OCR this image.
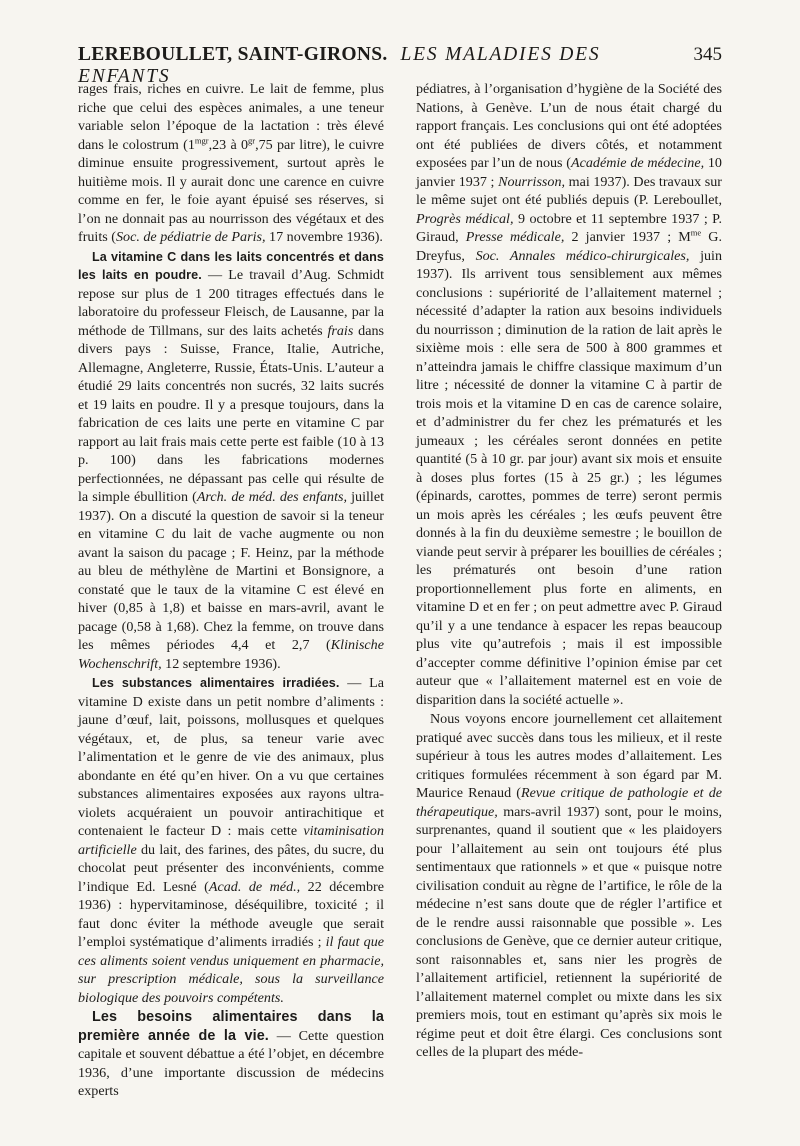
LEREBOULLET, SAINT-GIRONS. LES MALADIES DES ENFANTS
345

rages frais, riches en cuivre. Le lait de femme, plus riche que celui des espèces animales, a une teneur variable selon l’époque de la lactation : très élevé dans le colostrum ($1^{mgr},23$ à $0^{gr},75$ par litre), le cuivre diminue ensuite progressivement, surtout après le huitième mois. Il y aurait donc une carence en cuivre comme en fer, le foie ayant épuisé ses réserves, si l’on ne donnait pas au nourrisson des végétaux et des fruits (Soc. de pédiatrie de Paris, 17 novembre 1936).

La vitamine C dans les laits concentrés et dans les laits en poudre. — Le travail d’Aug. Schmidt repose sur plus de 1 200 titrages effectués dans le laboratoire du professeur Fleisch, de Lausanne, par la méthode de Tillmans, sur des laits achetés frais dans divers pays : Suisse, France, Italie, Autriche, Allemagne, Angleterre, Russie, États-Unis. L’auteur a étudié 29 laits concentrés non sucrés, 32 laits sucrés et 19 laits en poudre. Il y a presque toujours, dans la fabrication de ces laits une perte en vitamine C par rapport au lait frais mais cette perte est faible (10 à 13 p. 100) dans les fabrications modernes perfectionnées, ne dépassant pas celle qui résulte de la simple ébullition (Arch. de méd. des enfants, juillet 1937). On a discuté la question de savoir si la teneur en vitamine C du lait de vache augmente ou non avant la saison du pacage ; F. Heinz, par la méthode au bleu de méthylène de Martini et Bonsignore, a constaté que le taux de la vitamine C est élevé en hiver (0,85 à 1,8) et baisse en mars-avril, avant le pacage (0,58 à 1,68). Chez la femme, on trouve dans les mêmes périodes 4,4 et 2,7 (Klinische Wochenschrift, 12 septembre 1936).

Les substances alimentaires irradiées. — La vitamine D existe dans un petit nombre d’aliments : jaune d’œuf, lait, poissons, mollusques et quelques végétaux, et, de plus, sa teneur varie avec l’alimentation et le genre de vie des animaux, plus abondante en été qu’en hiver. On a vu que certaines substances alimentaires exposées aux rayons ultra-violets acquéraient un pouvoir antirachitique et contenaient le facteur D : mais cette vitaminisation artificielle du lait, des farines, des pâtes, du sucre, du chocolat peut présenter des inconvénients, comme l’indique Ed. Lesné (Acad. de méd., 22 décembre 1936) : hypervitaminose, déséquilibre, toxicité ; il faut donc éviter la méthode aveugle que serait l’emploi systématique d’aliments irradiés ; il faut que ces aliments soient vendus uniquement en pharmacie, sur prescription médicale, sous la surveillance biologique des pouvoirs compétents.

Les besoins alimentaires dans la première année de la vie. — Cette question capitale et souvent débattue a été l’objet, en décembre 1936, d’une importante discussion de médecins experts

pédiatres, à l’organisation d’hygiène de la Société des Nations, à Genève. L’un de nous était chargé du rapport français. Les conclusions qui ont été adoptées ont été publiées de divers côtés, et notamment exposées par l’un de nous (Académie de médecine, 10 janvier 1937 ; Nourrisson, mai 1937). Des travaux sur le même sujet ont été publiés depuis (P. Lereboullet, Progrès médical, 9 octobre et 11 septembre 1937 ; P. Giraud, Presse médicale, 2 janvier 1937 ; $M^{me}$ G. Dreyfus, Soc. Annales médico-chirurgicales, juin 1937). Ils arrivent tous sensiblement aux mêmes conclusions : supériorité de l’allaitement maternel ; nécessité d’adapter la ration aux besoins individuels du nourrisson ; diminution de la ration de lait après le sixième mois : elle sera de 500 à 800 grammes et n’atteindra jamais le chiffre classique maximum d’un litre ; nécessité de donner la vitamine C à partir de trois mois et la vitamine D en cas de carence solaire, et d’administrer du fer chez les prématurés et les jumeaux ; les céréales seront données en petite quantité (5 à 10 gr. par jour) avant six mois et ensuite à doses plus fortes (15 à 25 gr.) ; les légumes (épinards, carottes, pommes de terre) seront permis un mois après les céréales ; les œufs peuvent être donnés à la fin du deuxième semestre ; le bouillon de viande peut servir à préparer les bouillies de céréales ; les prématurés ont besoin d’une ration proportionnellement plus forte en aliments, en vitamine D et en fer ; on peut admettre avec P. Giraud qu’il y a une tendance à espacer les repas beaucoup plus vite qu’autrefois ; mais il est impossible d’accepter comme définitive l’opinion émise par cet auteur que « l’allaitement maternel est en voie de disparition dans la société actuelle ».

Nous voyons encore journellement cet allaitement pratiqué avec succès dans tous les milieux, et il reste supérieur à tous les autres modes d’allaitement. Les critiques formulées récemment à son égard par M. Maurice Renaud (Revue critique de pathologie et de thérapeutique, mars-avril 1937) sont, pour le moins, surprenantes, quand il soutient que « les plaidoyers pour l’allaitement au sein ont toujours été plus sentimentaux que rationnels » et que « puisque notre civilisation conduit au règne de l’artifice, le rôle de la médecine n’est sans doute que de régler l’artifice et de le rendre aussi raisonnable que possible ». Les conclusions de Genève, que ce dernier auteur critique, sont raisonnables et, sans nier les progrès de l’allaitement artificiel, retiennent la supériorité de l’allaitement maternel complet ou mixte dans les six premiers mois, tout en estimant qu’après six mois le régime peut et doit être élargi. Ces conclusions sont celles de la plupart des méde-
